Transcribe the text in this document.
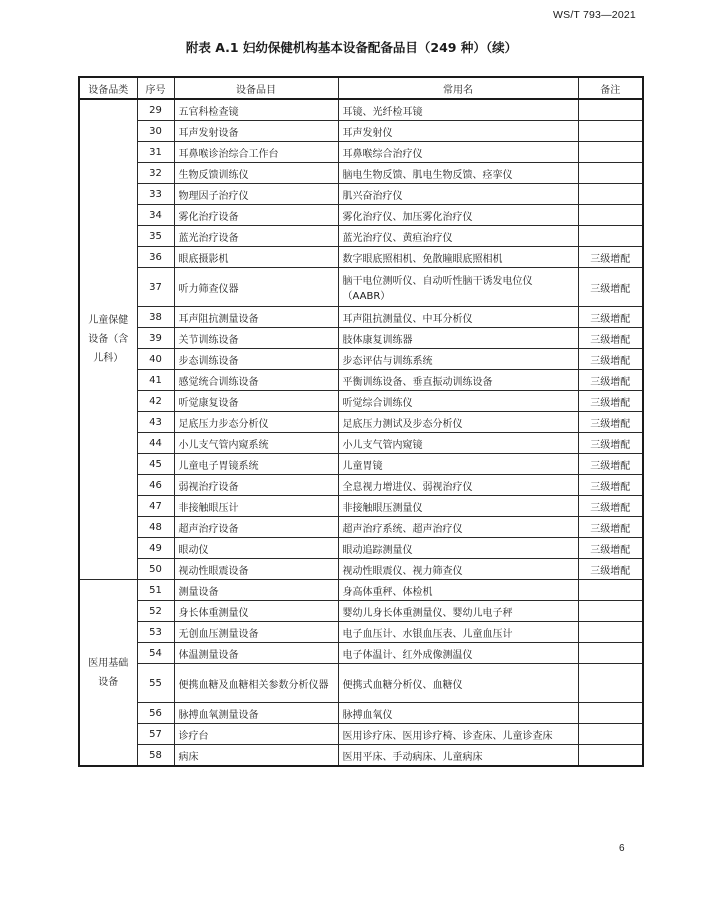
WS/T 793—2021
附表 A.1 妇幼保健机构基本设备配备品目（249 种）（续）
设备品类	序号	设备品目	常用名	备注
儿童保健设备（含儿科）	29	五官科检查镜	耳镜、光纤检耳镜	
	30	耳声发射设备	耳声发射仪	
	31	耳鼻喉诊治综合工作台	耳鼻喉综合治疗仪	
	32	生物反馈训练仪	脑电生物反馈、肌电生物反馈、痉挛仪	
	33	物理因子治疗仪	肌兴奋治疗仪	
	34	雾化治疗设备	雾化治疗仪、加压雾化治疗仪	
	35	蓝光治疗设备	蓝光治疗仪、黄疸治疗仪	
	36	眼底摄影机	数字眼底照相机、免散瞳眼底照相机	三级增配
	37	听力筛查仪器	脑干电位测听仪、自动听性脑干诱发电位仪（AABR）	三级增配
	38	耳声阻抗测量设备	耳声阻抗测量仪、中耳分析仪	三级增配
	39	关节训练设备	肢体康复训练器	三级增配
	40	步态训练设备	步态评估与训练系统	三级增配
	41	感觉统合训练设备	平衡训练设备、垂直振动训练设备	三级增配
	42	听觉康复设备	听觉综合训练仪	三级增配
	43	足底压力步态分析仪	足底压力测试及步态分析仪	三级增配
	44	小儿支气管内窥系统	小儿支气管内窥镜	三级增配
	45	儿童电子胃镜系统	儿童胃镜	三级增配
	46	弱视治疗设备	全息视力增进仪、弱视治疗仪	三级增配
	47	非接触眼压计	非接触眼压测量仪	三级增配
	48	超声治疗设备	超声治疗系统、超声治疗仪	三级增配
	49	眼动仪	眼动追踪测量仪	三级增配
	50	视动性眼震设备	视动性眼震仪、视力筛查仪	三级增配
医用基础设备	51	测量设备	身高体重秤、体检机	
	52	身长体重测量仪	婴幼儿身长体重测量仪、婴幼儿电子秤	
	53	无创血压测量设备	电子血压计、水银血压表、儿童血压计	
	54	体温测量设备	电子体温计、红外成像测温仪	
	55	便携血糖及血糖相关参数分析仪器	便携式血糖分析仪、血糖仪	
	56	脉搏血氧测量设备	脉搏血氧仪	
	57	诊疗台	医用诊疗床、医用诊疗椅、诊查床、儿童诊查床	
	58	病床	医用平床、手动病床、儿童病床	
6
